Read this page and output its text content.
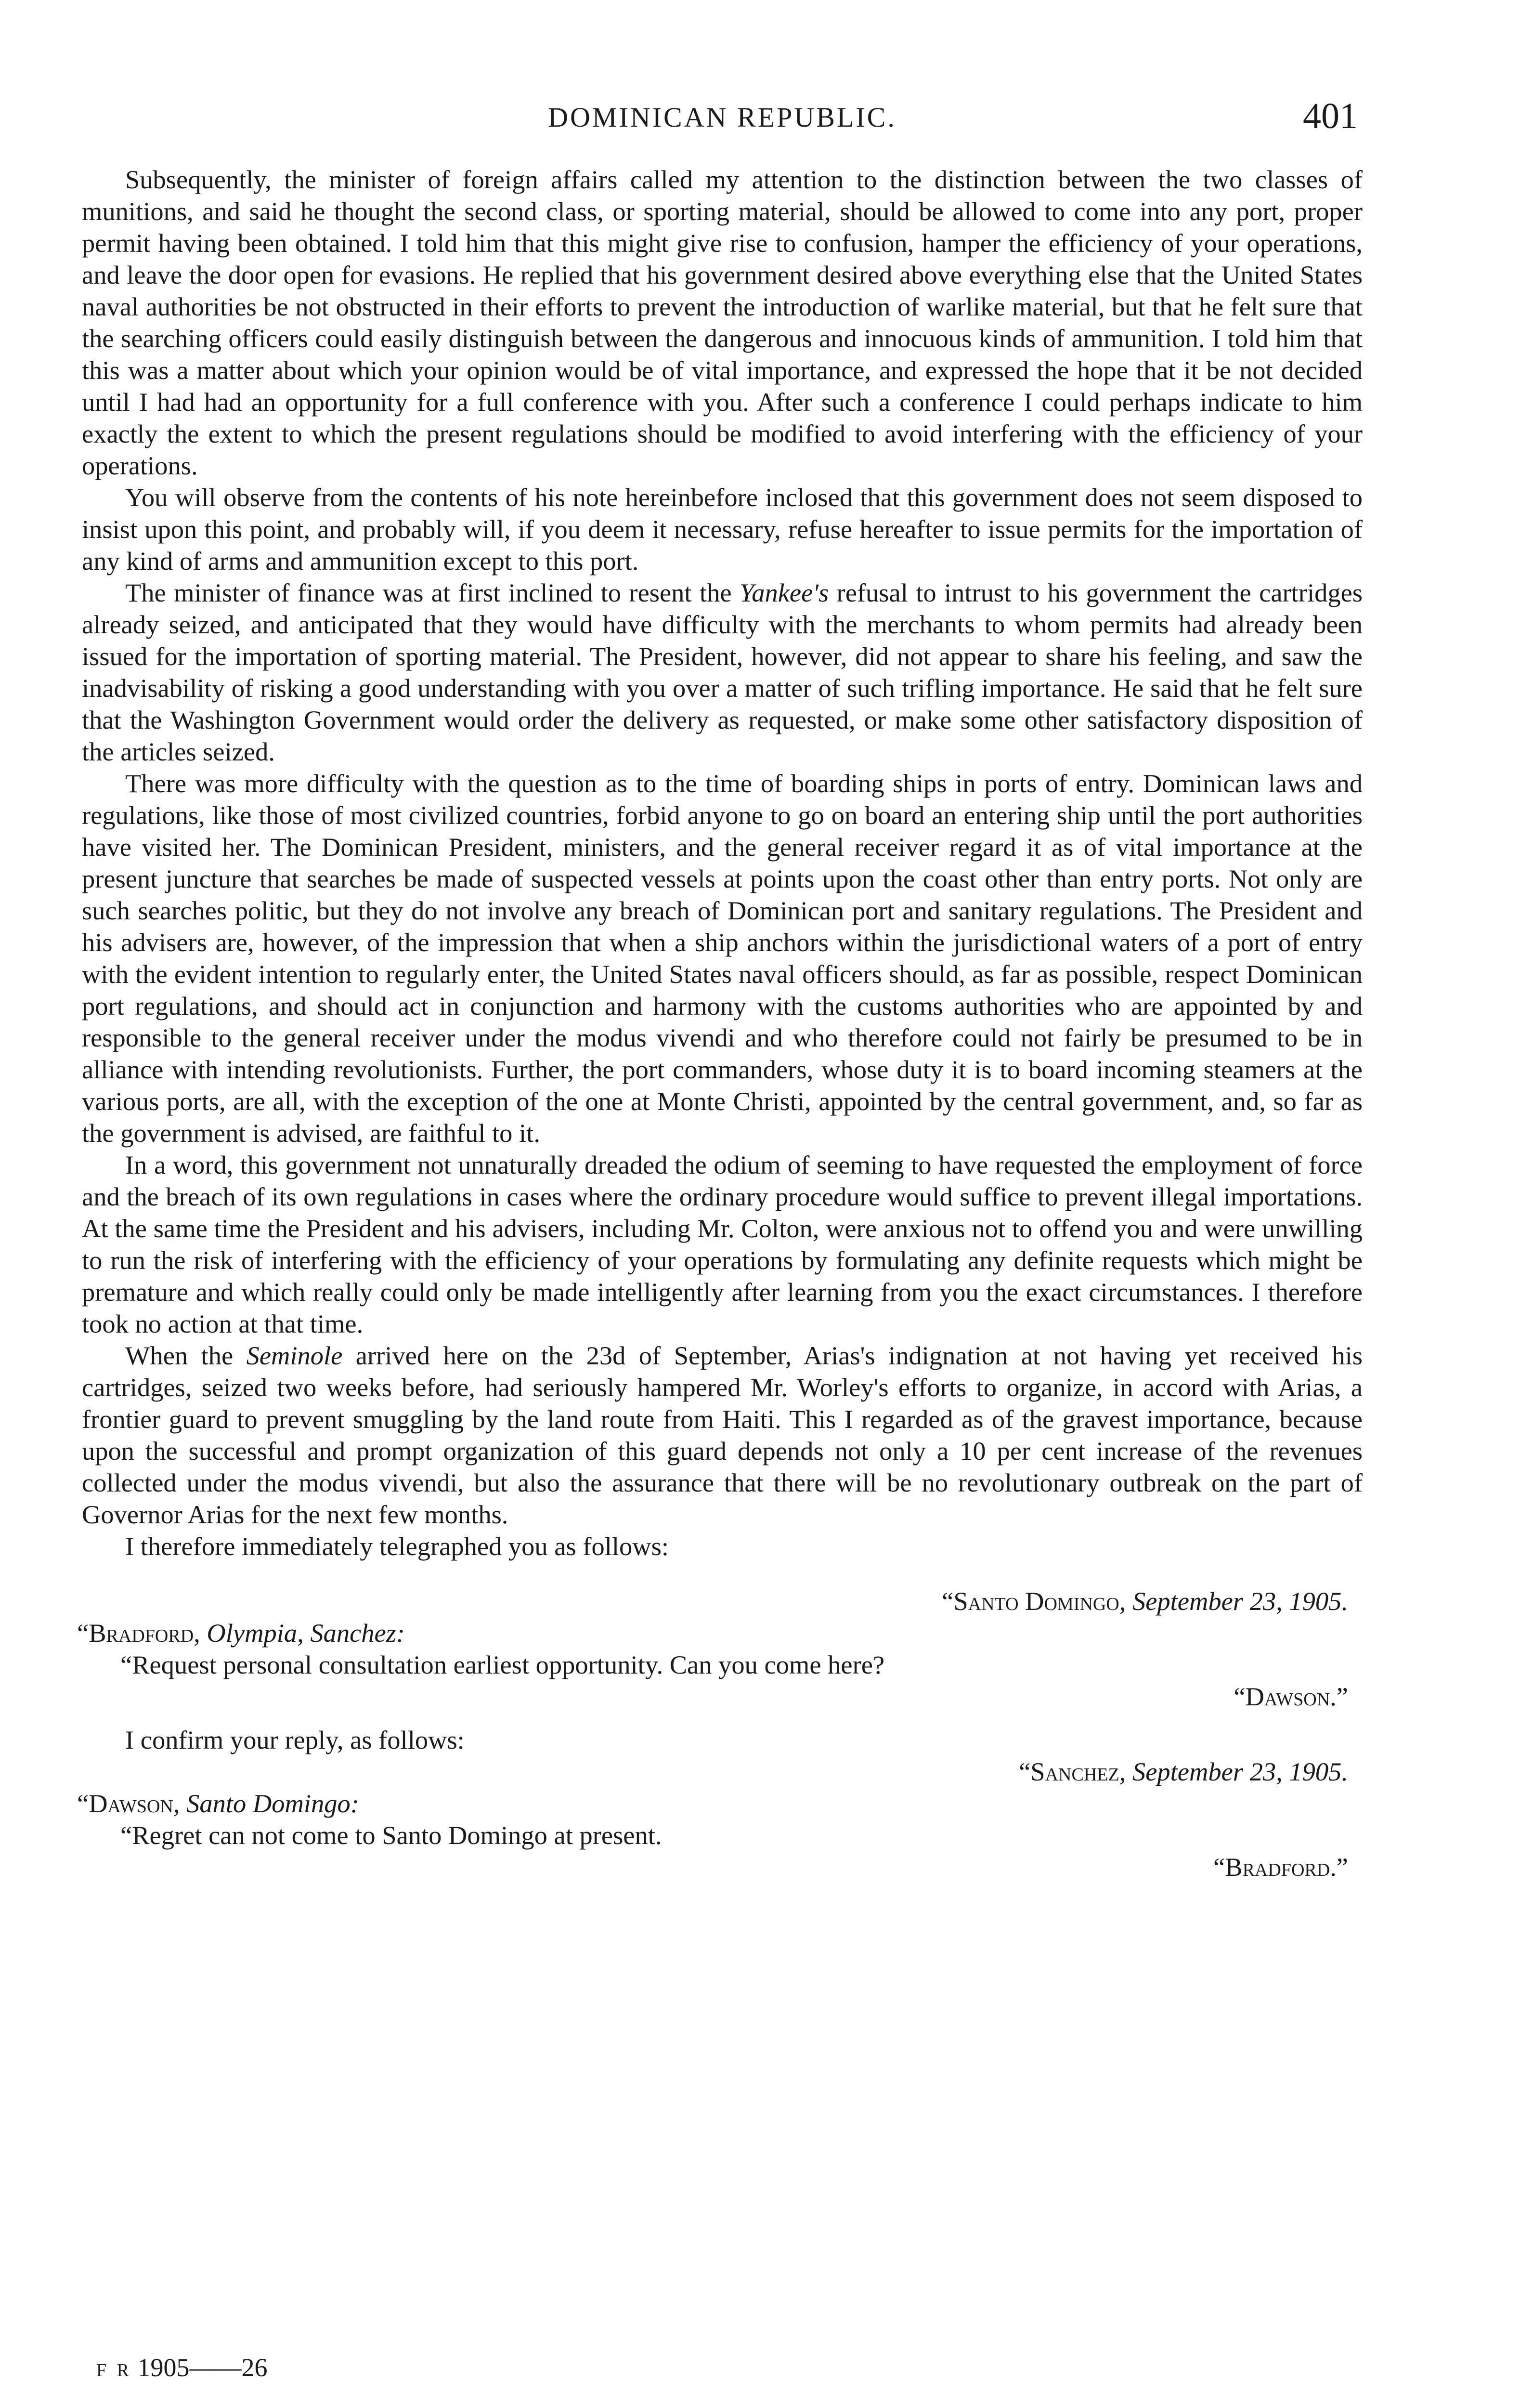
DOMINICAN REPUBLIC.	401

Subsequently, the minister of foreign affairs called my attention to the distinction between the two classes of munitions, and said he thought the second class, or sporting material, should be allowed to come into any port, proper permit having been obtained. I told him that this might give rise to confusion, hamper the efficiency of your operations, and leave the door open for evasions. He replied that his government desired above everything else that the United States naval authorities be not obstructed in their efforts to prevent the introduction of warlike material, but that he felt sure that the searching officers could easily distinguish between the dangerous and innocuous kinds of ammunition. I told him that this was a matter about which your opinion would be of vital importance, and expressed the hope that it be not decided until I had had an opportunity for a full conference with you. After such a conference I could perhaps indicate to him exactly the extent to which the present regulations should be modified to avoid interfering with the efficiency of your operations.

You will observe from the contents of his note hereinbefore inclosed that this government does not seem disposed to insist upon this point, and probably will, if you deem it necessary, refuse hereafter to issue permits for the importation of any kind of arms and ammunition except to this port.

The minister of finance was at first inclined to resent the Yankee's refusal to intrust to his government the cartridges already seized, and anticipated that they would have difficulty with the merchants to whom permits had already been issued for the importation of sporting material. The President, however, did not appear to share his feeling, and saw the inadvisability of risking a good understanding with you over a matter of such trifling importance. He said that he felt sure that the Washington Government would order the delivery as requested, or make some other satisfactory disposition of the articles seized.

There was more difficulty with the question as to the time of boarding ships in ports of entry. Dominican laws and regulations, like those of most civilized countries, forbid anyone to go on board an entering ship until the port authorities have visited her. The Dominican President, ministers, and the general receiver regard it as of vital importance at the present juncture that searches be made of suspected vessels at points upon the coast other than entry ports. Not only are such searches politic, but they do not involve any breach of Dominican port and sanitary regulations. The President and his advisers are, however, of the impression that when a ship anchors within the jurisdictional waters of a port of entry with the evident intention to regularly enter, the United States naval officers should, as far as possible, respect Dominican port regulations, and should act in conjunction and harmony with the customs authorities who are appointed by and responsible to the general receiver under the modus vivendi and who therefore could not fairly be presumed to be in alliance with intending revolutionists. Further, the port commanders, whose duty it is to board incoming steamers at the various ports, are all, with the exception of the one at Monte Christi, appointed by the central government, and, so far as the government is advised, are faithful to it.

In a word, this government not unnaturally dreaded the odium of seeming to have requested the employment of force and the breach of its own regulations in cases where the ordinary procedure would suffice to prevent illegal importations. At the same time the President and his advisers, including Mr. Colton, were anxious not to offend you and were unwilling to run the risk of interfering with the efficiency of your operations by formulating any definite requests which might be premature and which really could only be made intelligently after learning from you the exact circumstances. I therefore took no action at that time.

When the Seminole arrived here on the 23d of September, Arias's indignation at not having yet received his cartridges, seized two weeks before, had seriously hampered Mr. Worley's efforts to organize, in accord with Arias, a frontier guard to prevent smuggling by the land route from Haiti. This I regarded as of the gravest importance, because upon the successful and prompt organization of this guard depends not only a 10 per cent increase of the revenues collected under the modus vivendi, but also the assurance that there will be no revolutionary outbreak on the part of Governor Arias for the next few months.

I therefore immediately telegraphed you as follows:

“Santo Domingo, September 23, 1905.
“Bradford, Olympia, Sanchez:
“Request personal consultation earliest opportunity. Can you come here?
“Dawson.”

I confirm your reply, as follows:

“Sanchez, September 23, 1905.
“Dawson, Santo Domingo:
“Regret can not come to Santo Domingo at present.
“Bradford.”
f r 1905——26
